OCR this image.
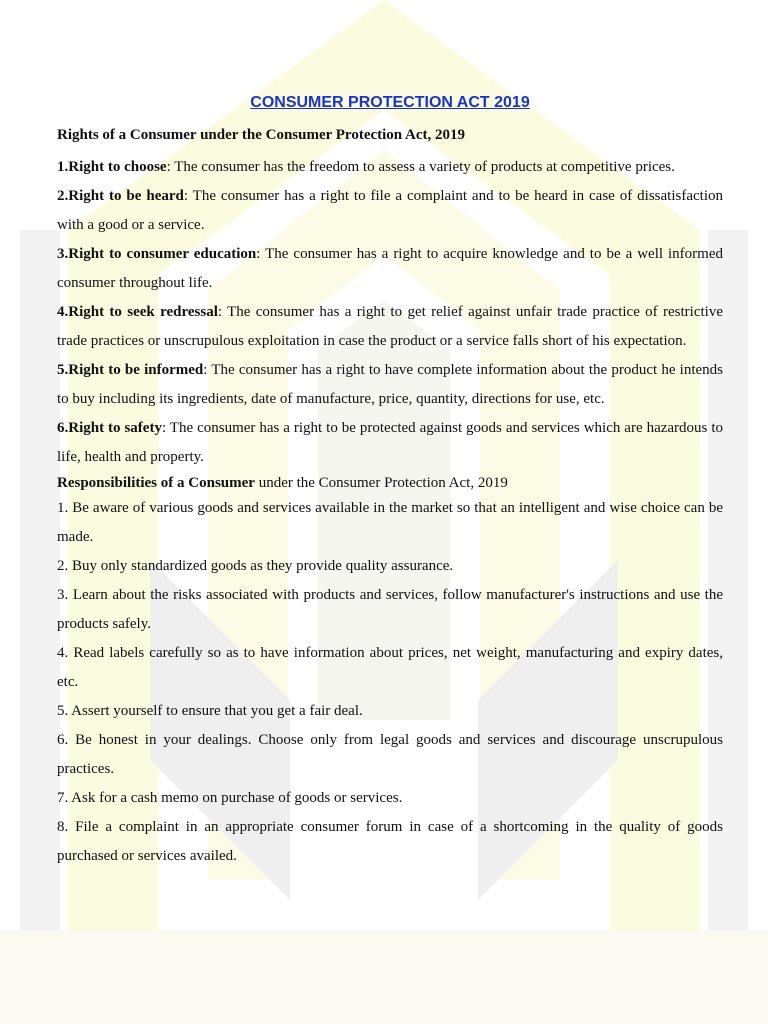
CONSUMER PROTECTION ACT 2019
Rights of a Consumer under the Consumer Protection Act, 2019

1.Right to choose: The consumer has the freedom to assess a variety of products at competitive prices.

2.Right to be heard: The consumer has a right to file a complaint and to be heard in case of dissatisfaction with a good or a service.

3.Right to consumer education: The consumer has a right to acquire knowledge and to be a well informed consumer throughout life.

4.Right to seek redressal: The consumer has a right to get relief against unfair trade practice of restrictive trade practices or unscrupulous exploitation in case the product or a service falls short of his expectation.

5.Right to be informed: The consumer has a right to have complete information about the product he intends to buy including its ingredients, date of manufacture, price, quantity, directions for use, etc.

6.Right to safety: The consumer has a right to be protected against goods and services which are hazardous to life, health and property.

Responsibilities of a Consumer under the Consumer Protection Act, 2019

1. Be aware of various goods and services available in the market so that an intelligent and wise choice can be made.

2. Buy only standardized goods as they provide quality assurance.

3. Learn about the risks associated with products and services, follow manufacturer's instructions and use the products safely.

4. Read labels carefully so as to have information about prices, net weight, manufacturing and expiry dates, etc.

5. Assert yourself to ensure that you get a fair deal.

6. Be honest in your dealings. Choose only from legal goods and services and discourage unscrupulous practices.

7. Ask for a cash memo on purchase of goods or services.

8. File a complaint in an appropriate consumer forum in case of a shortcoming in the quality of goods purchased or services availed.
